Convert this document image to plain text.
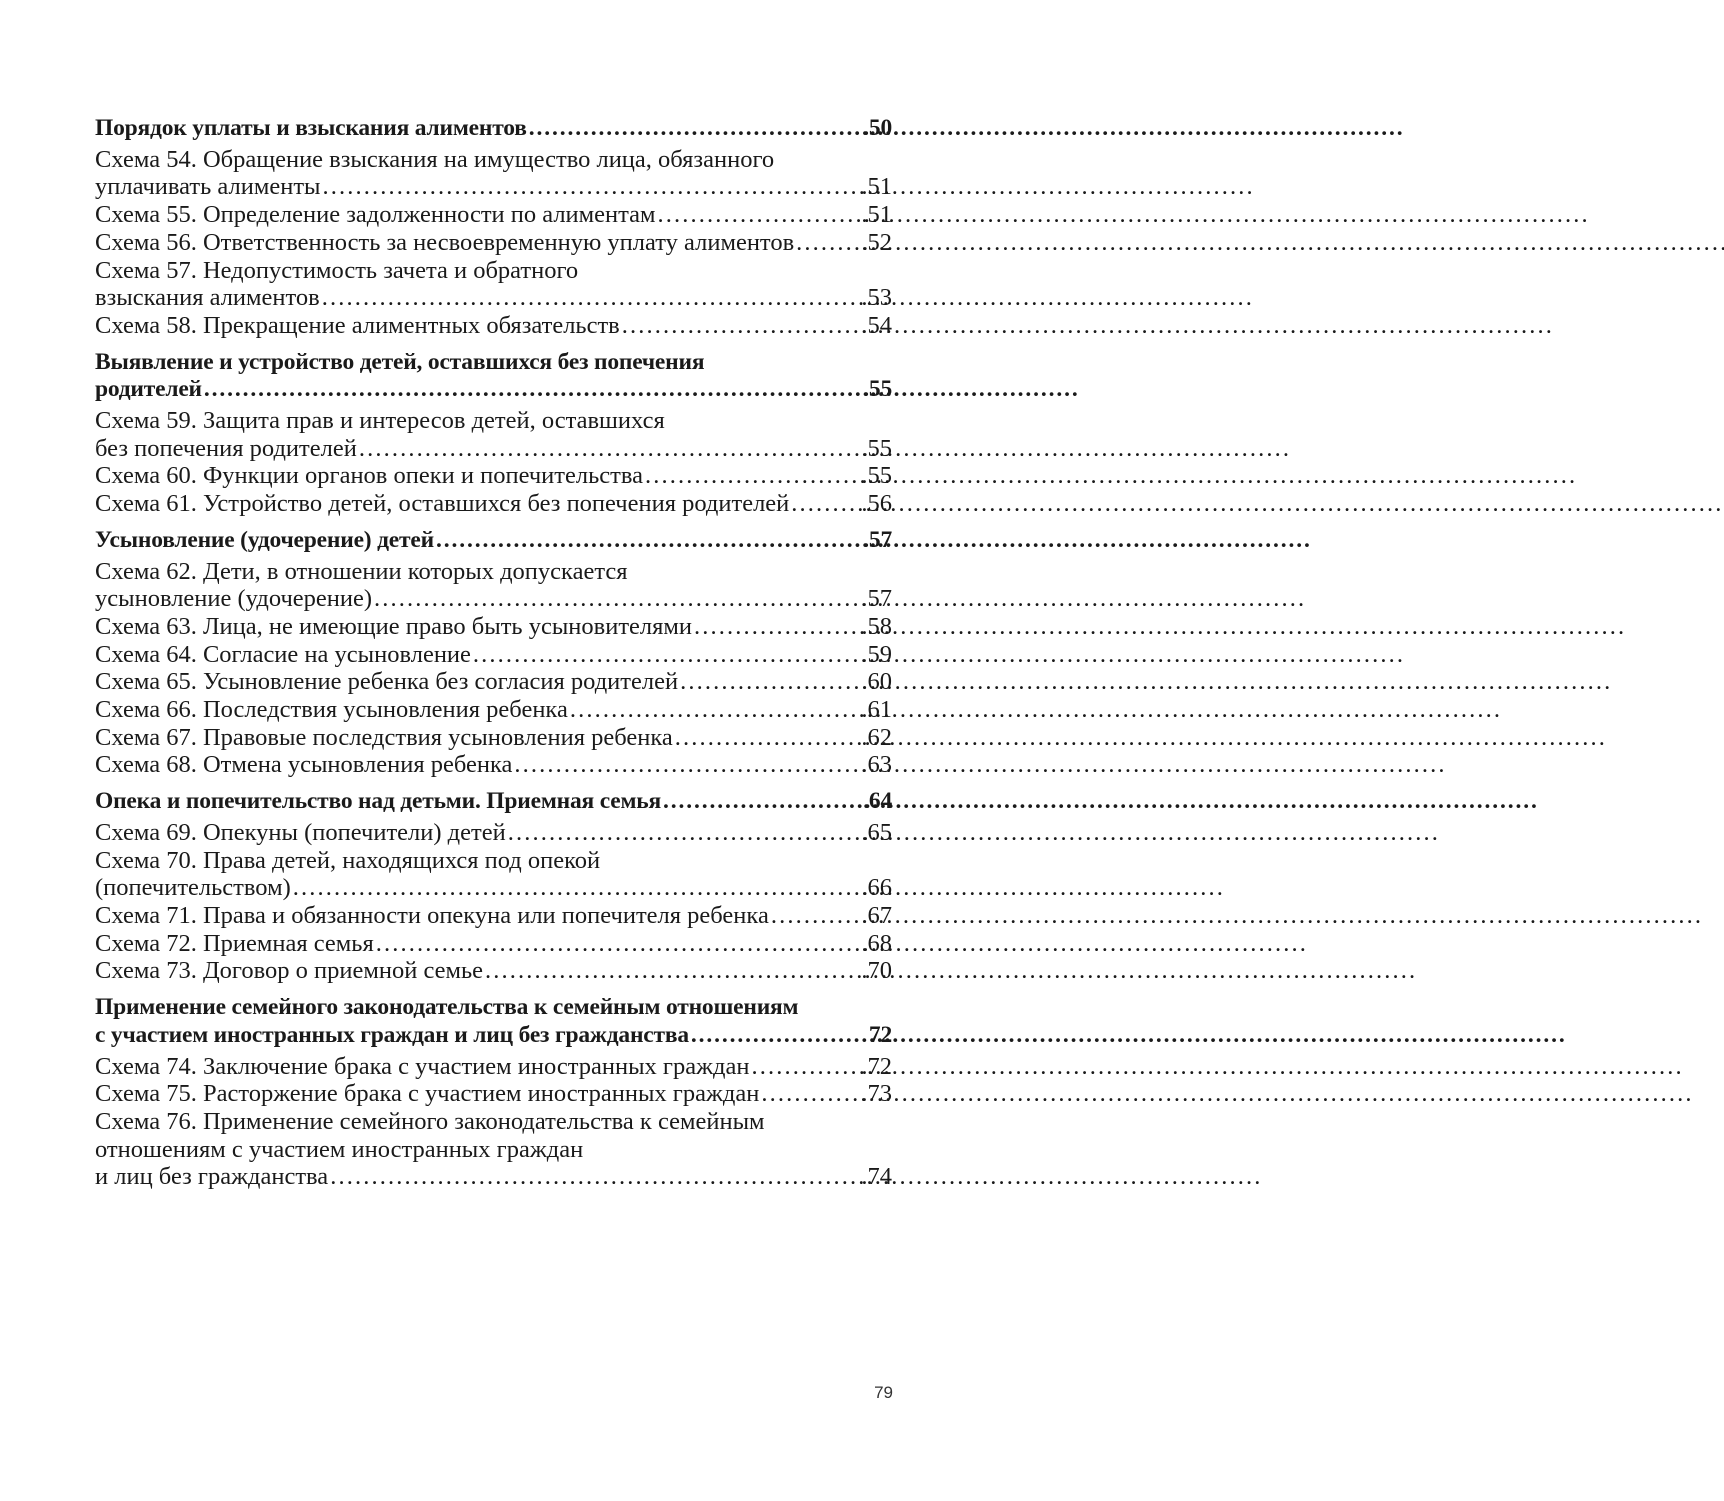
Порядок уплаты и взыскания алиментов . . .	.50
Схема 54. Обращение взыскания на имущество лица, обязанного
уплачивать алименты . . .	.51
Схема 55. Определение задолженности по алиментам . . .	.51
Схема 56. Ответственность за несвоевременную уплату алиментов . . .	.52
Схема 57. Недопустимость зачета и обратного
взыскания алиментов . . .	.53
Схема 58. Прекращение алиментных обязательств . . .	.54
Выявление и устройство детей, оставшихся без попечения
родителей . . .	.55
Схема 59. Защита прав и интересов детей, оставшихся
без попечения родителей . . .	.55
Схема 60. Функции органов опеки и попечительства . . .	.55
Схема 61. Устройство детей, оставшихся без попечения родителей . . .	.56
Усыновление (удочерение) детей . . .	.57
Схема 62. Дети, в отношении которых допускается
усыновление (удочерение) . . .	.57
Схема 63. Лица, не имеющие право быть усыновителями . . .	.58
Схема 64. Согласие на усыновление . . .	.59
Схема 65. Усыновление ребенка без согласия родителей . . .	.60
Схема 66. Последствия усыновления ребенка . . .	.61
Схема 67. Правовые последствия усыновления ребенка . . .	.62
Схема 68. Отмена усыновления ребенка . . .	.63
Опека и попечительство над детьми. Приемная семья . . .	.64
Схема 69. Опекуны (попечители) детей . . .	.65
Схема 70. Права детей, находящихся под опекой
(попечительством) . . .	.66
Схема 71. Права и обязанности опекуна или попечителя ребенка . . .	.67
Схема 72. Приемная семья . . .	.68
Схема 73. Договор о приемной семье . . .	.70
Применение семейного законодательства к семейным отношениям
с участием иностранных граждан и лиц без гражданства . . .	72
Схема 74. Заключение брака с участием иностранных граждан . . .	.72
Схема 75. Расторжение брака с участием иностранных граждан . . .	.73
Схема 76. Применение семейного законодательства к семейным
отношениям с участием иностранных граждан
и лиц без гражданства . . .	.74
79
